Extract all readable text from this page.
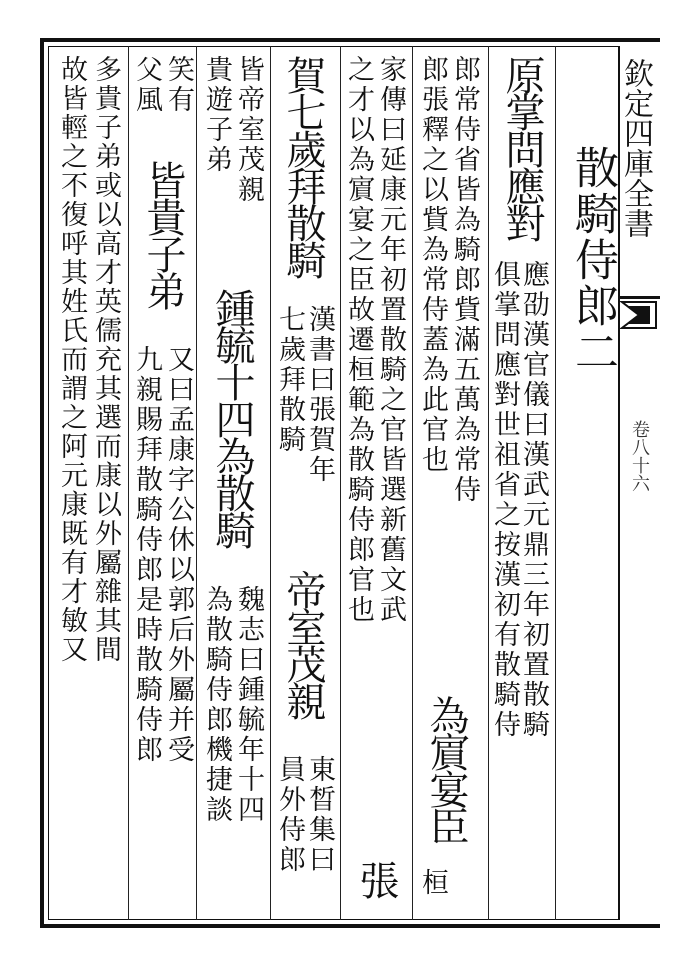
欽定四庫全書
卷八十六
散騎侍郎二
原掌問應對
應劭漢官儀曰漢武元鼎三年初置散騎
俱掌問應對世祖省之按漢初有散騎侍
郎常侍省皆為騎郎貲滿五萬為常侍
郎張釋之以貲為常侍蓋為此官也
為賔宴臣
桓
家傳曰延康元年初置散騎之官皆選新舊文武
之才以為賔宴之臣故遷桓範為散騎侍郎官也
張
賀七歲拜散騎
漢書曰張賀年
七歲拜散騎
帝室茂親
東晳集曰
員外侍郎
皆帝室茂親
貴遊子弟
鍾毓十四為散騎
魏志曰鍾毓年十四
為散騎侍郎機捷談
笑有
父風
皆貴子弟
又曰孟康字公休以郭后外屬并受
九親賜拜散騎侍郎是時散騎侍郎
多貴子弟或以高才英儒充其選而康以外屬雜其間
故皆輕之不復呼其姓氏而謂之阿元康既有才敏又
